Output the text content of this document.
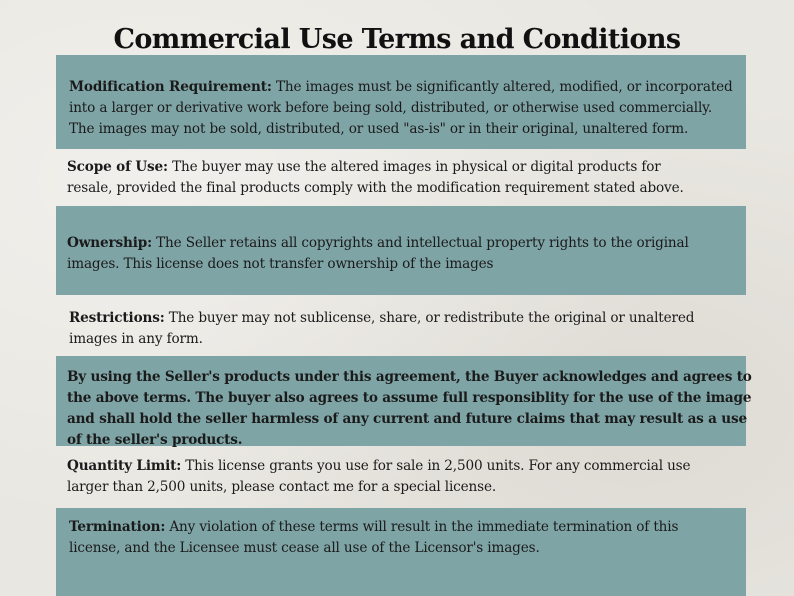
Commercial Use Terms and Conditions
Modification Requirement: The images must be significantly altered, modified, or incorporated
into a larger or derivative work before being sold, distributed, or otherwise used commercially.
The images may not be sold, distributed, or used "as-is" or in their original, unaltered form.
Scope of Use: The buyer may use the altered images in physical or digital products for
resale, provided the final products comply with the modification requirement stated above.
Ownership: The Seller retains all copyrights and intellectual property rights to the original
images. This license does not transfer ownership of the images
Restrictions: The buyer may not sublicense, share, or redistribute the original or unaltered
images in any form.
By using the Seller's products under this agreement, the Buyer acknowledges and agrees to
the above terms. The buyer also agrees to assume full responsiblity for the use of the image
and shall hold the seller harmless of any current and future claims that may result as a use
of the seller's products.
Quantity Limit: This license grants you use for sale in 2,500 units. For any commercial use
larger than 2,500 units, please contact me for a special license.
Termination: Any violation of these terms will result in the immediate termination of this
license, and the Licensee must cease all use of the Licensor's images.
